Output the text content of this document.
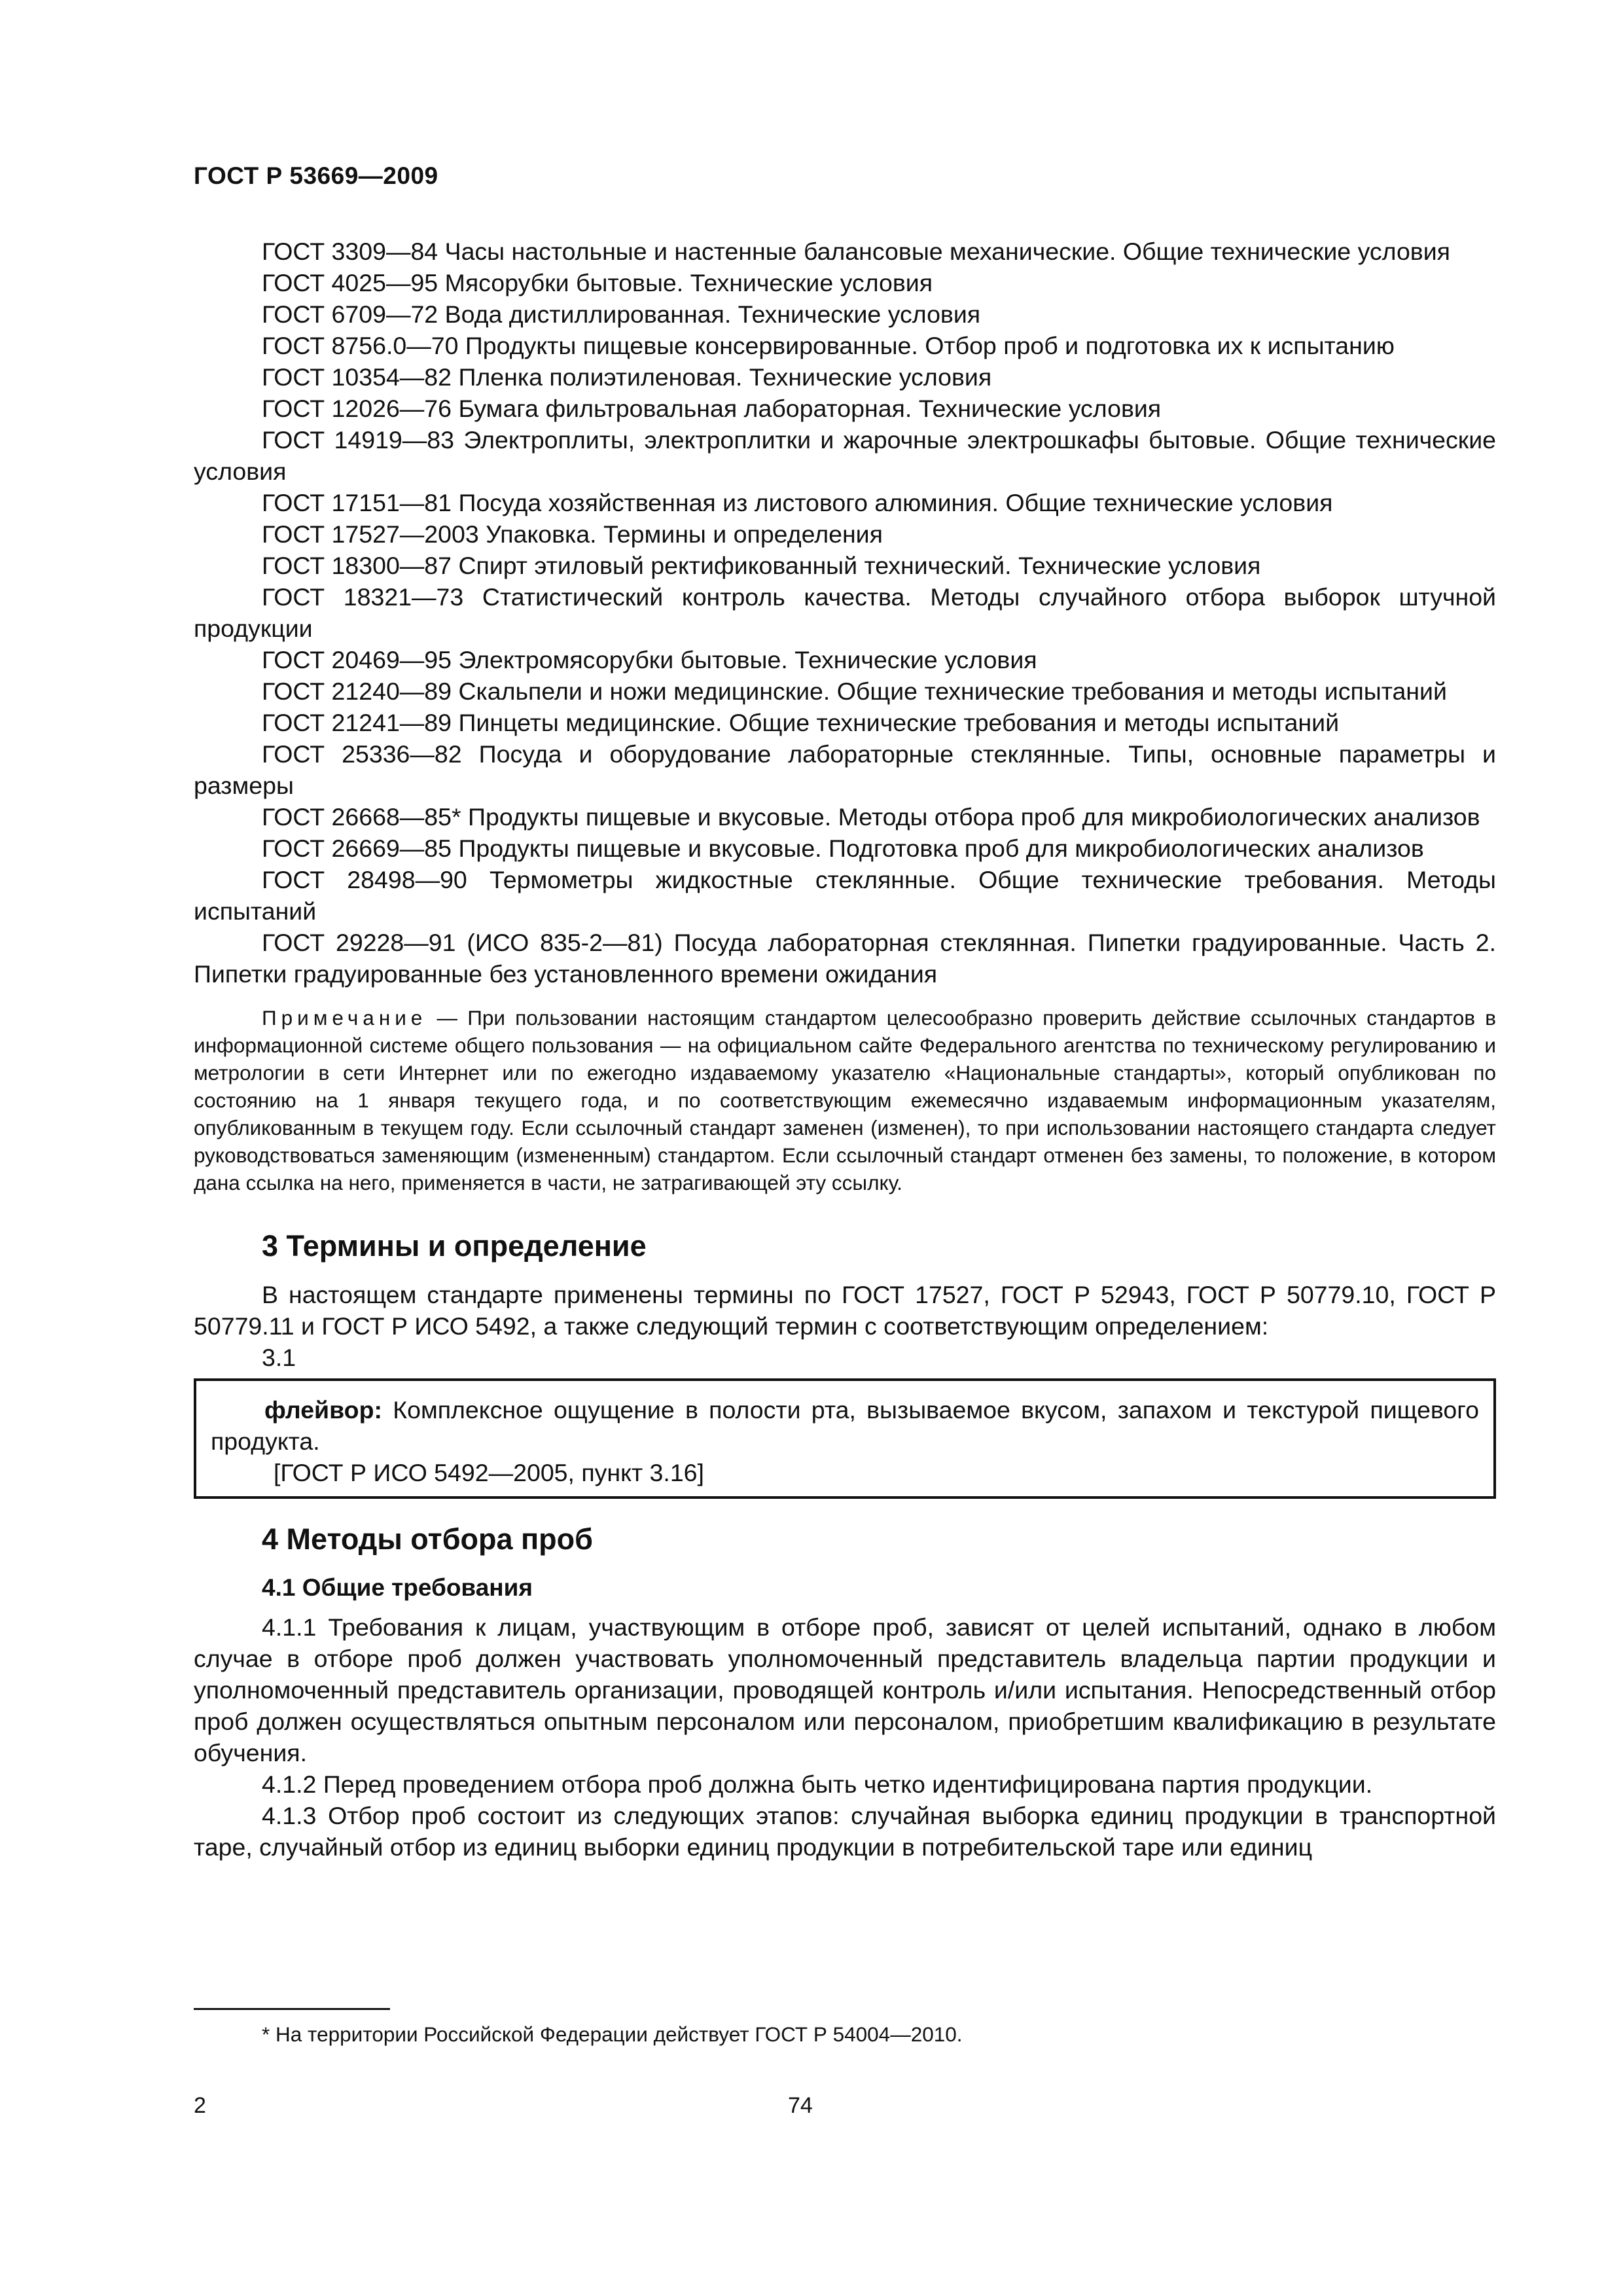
ГОСТ Р 53669—2009

ГОСТ 3309—84 Часы настольные и настенные балансовые механические. Общие технические условия

ГОСТ 4025—95 Мясорубки бытовые. Технические условия

ГОСТ 6709—72 Вода дистиллированная. Технические условия

ГОСТ 8756.0—70 Продукты пищевые консервированные. Отбор проб и подготовка их к испытанию

ГОСТ 10354—82 Пленка полиэтиленовая. Технические условия

ГОСТ 12026—76 Бумага фильтровальная лабораторная. Технические условия

ГОСТ 14919—83 Электроплиты, электроплитки и жарочные электрошкафы бытовые. Общие технические условия

ГОСТ 17151—81 Посуда хозяйственная из листового алюминия. Общие технические условия

ГОСТ 17527—2003 Упаковка. Термины и определения

ГОСТ 18300—87 Спирт этиловый ректификованный технический. Технические условия

ГОСТ 18321—73 Статистический контроль качества. Методы случайного отбора выборок штучной продукции

ГОСТ 20469—95 Электромясорубки бытовые. Технические условия

ГОСТ 21240—89 Скальпели и ножи медицинские. Общие технические требования и методы испытаний

ГОСТ 21241—89 Пинцеты медицинские. Общие технические требования и методы испытаний

ГОСТ 25336—82 Посуда и оборудование лабораторные стеклянные. Типы, основные параметры и размеры

ГОСТ 26668—85* Продукты пищевые и вкусовые. Методы отбора проб для микробиологических анализов

ГОСТ 26669—85 Продукты пищевые и вкусовые. Подготовка проб для микробиологических анализов

ГОСТ 28498—90 Термометры жидкостные стеклянные. Общие технические требования. Методы испытаний

ГОСТ 29228—91 (ИСО 835-2—81) Посуда лабораторная стеклянная. Пипетки градуированные. Часть 2. Пипетки градуированные без установленного времени ожидания

Примечание — При пользовании настоящим стандартом целесообразно проверить действие ссылочных стандартов в информационной системе общего пользования — на официальном сайте Федерального агентства по техническому регулированию и метрологии в сети Интернет или по ежегодно издаваемому указателю «Национальные стандарты», который опубликован по состоянию на 1 января текущего года, и по соответствующим ежемесячно издаваемым информационным указателям, опубликованным в текущем году. Если ссылочный стандарт заменен (изменен), то при использовании настоящего стандарта следует руководствоваться заменяющим (измененным) стандартом. Если ссылочный стандарт отменен без замены, то положение, в котором дана ссылка на него, применяется в части, не затрагивающей эту ссылку.

3 Термины и определение

В настоящем стандарте применены термины по ГОСТ 17527, ГОСТ Р 52943, ГОСТ Р 50779.10, ГОСТ Р 50779.11 и ГОСТ Р ИСО 5492, а также следующий термин с соответствующим определением:

3.1

флейвор: Комплексное ощущение в полости рта, вызываемое вкусом, запахом и текстурой пищевого продукта.

[ГОСТ Р ИСО 5492—2005, пункт 3.16]

4 Методы отбора проб
4.1 Общие требования

4.1.1 Требования к лицам, участвующим в отборе проб, зависят от целей испытаний, однако в любом случае в отборе проб должен участвовать уполномоченный представитель владельца партии продукции и уполномоченный представитель организации, проводящей контроль и/или испытания. Непосредственный отбор проб должен осуществляться опытным персоналом или персоналом, приобретшим квалификацию в результате обучения.

4.1.2 Перед проведением отбора проб должна быть четко идентифицирована партия продукции.

4.1.3 Отбор проб состоит из следующих этапов: случайная выборка единиц продукции в транспортной таре, случайный отбор из единиц выборки единиц продукции в потребительской таре или единиц

* На территории Российской Федерации действует ГОСТ Р 54004—2010.
2	74
